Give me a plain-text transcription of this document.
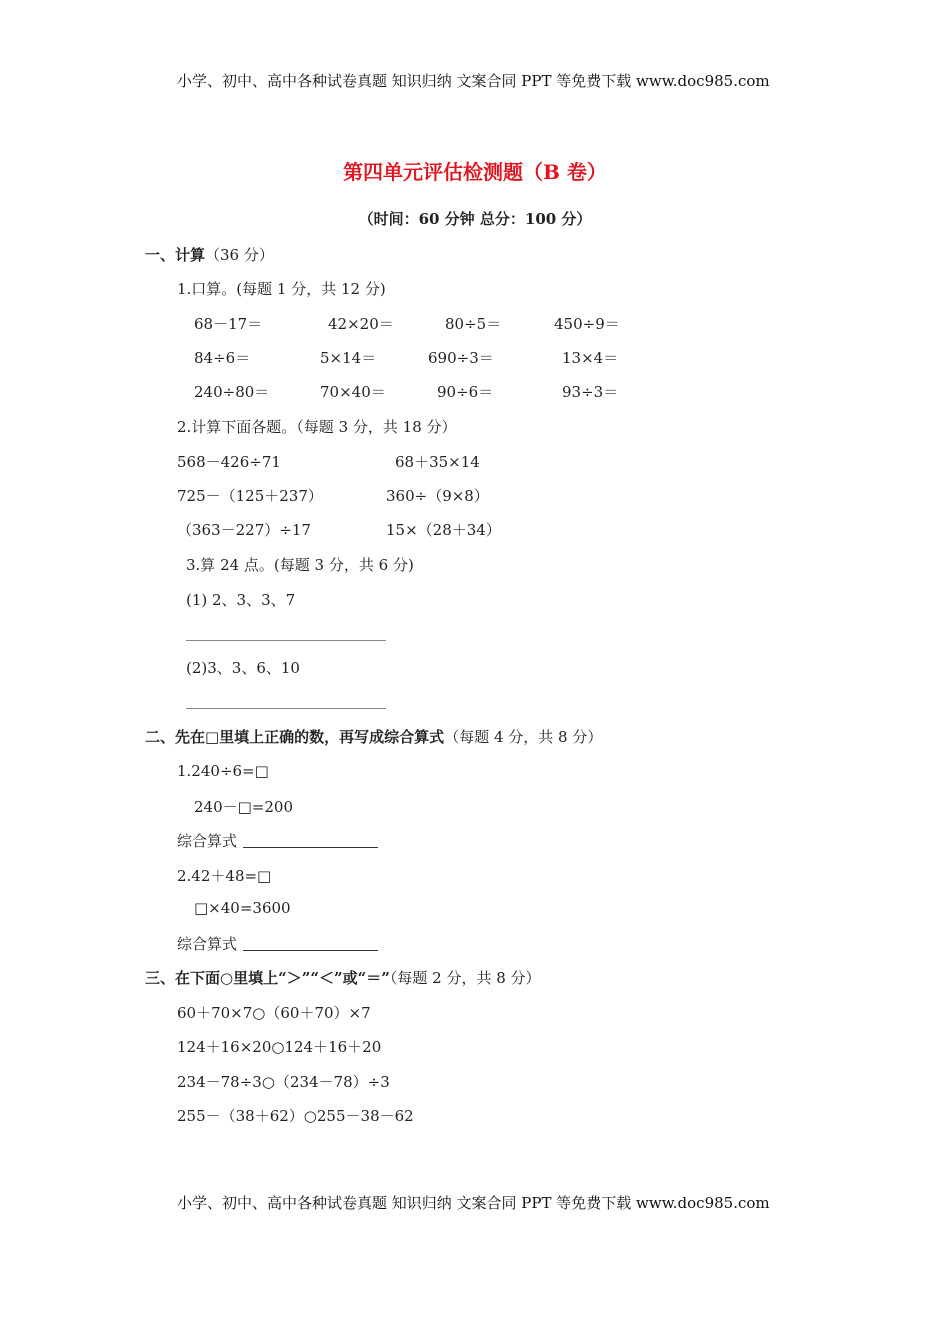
小学、初中、高中各种试卷真题 知识归纳 文案合同 PPT 等免费下载 www.doc985.com
第四单元评估检测题（B 卷）
（时间：60 分钟 总分：100 分）
一、计算（36 分）
1.口算。(每题 1 分，共 12 分)
68－17＝	42×20＝	80÷5＝	450÷9＝
84÷6＝	5×14＝	690÷3＝	13×4＝
240÷80＝	70×40＝	90÷6＝	93÷3＝
2.计算下面各题。（每题 3 分，共 18 分）
568－426÷71	68＋35×14
725－（125＋237）	360÷（9×8）
（363－227）÷17	15×（28＋34）
3.算 24 点。(每题 3 分，共 6 分)
(1) 2、3、3、7
(2)3、3、6、10
二、先在□里填上正确的数，再写成综合算式（每题 4 分，共 8 分）
1.240÷6=□
240－□=200
综合算式
2.42＋48=□
□×40=3600
综合算式
三、在下面○里填上“＞”“＜”或“＝”（每题 2 分，共 8 分）
60＋70×7○（60＋70）×7
124＋16×20○124＋16＋20
234－78÷3○（234－78）÷3
255－（38＋62）○255－38－62
小学、初中、高中各种试卷真题 知识归纳 文案合同 PPT 等免费下载 www.doc985.com
